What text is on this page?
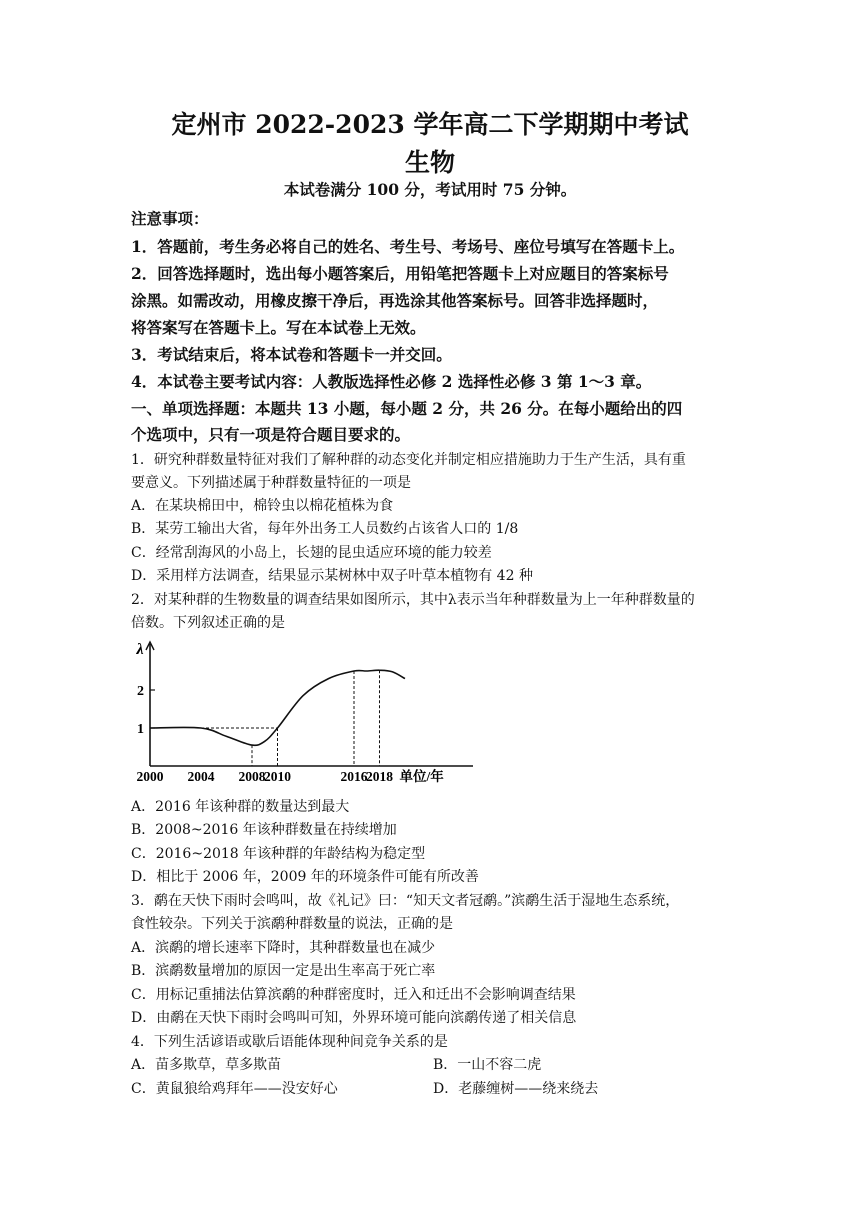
定州市 2022-2023 学年高二下学期期中考试
生物
本试卷满分 100 分，考试用时 75 分钟。
注意事项：
1．答题前，考生务必将自己的姓名、考生号、考场号、座位号填写在答题卡上。
2．回答选择题时，选出每小题答案后，用铅笔把答题卡上对应题目的答案标号
涂黑。如需改动，用橡皮擦干净后，再选涂其他答案标号。回答非选择题时，
将答案写在答题卡上。写在本试卷上无效。
3．考试结束后，将本试卷和答题卡一并交回。
4．本试卷主要考试内容：人教版选择性必修 2 选择性必修 3 第 1～3 章。
一、单项选择题：本题共 13 小题，每小题 2 分，共 26 分。在每小题给出的四
个选项中，只有一项是符合题目要求的。
1．研究种群数量特征对我们了解种群的动态变化并制定相应措施助力于生产生活，具有重
要意义。下列描述属于种群数量特征的一项是
A．在某块棉田中，棉铃虫以棉花植株为食
B．某劳工输出大省，每年外出务工人员数约占该省人口的 1/8
C．经常刮海风的小岛上，长翅的昆虫适应环境的能力较差
D．采用样方法调查，结果显示某树林中双子叶草本植物有 42 种
2．对某种群的生物数量的调查结果如图所示，其中λ表示当年种群数量为上一年种群数量的
倍数。下列叙述正确的是
λ
1
2
2000 2004 2008
2010	2016
2018 单位/年
A．2016 年该种群的数量达到最大
B．2008~2016 年该种群数量在持续增加
C．2016~2018 年该种群的年龄结构为稳定型
D．相比于 2006 年，2009 年的环境条件可能有所改善
3．鹬在天快下雨时会鸣叫，故《礼记》曰：“知天文者冠鹬。”滨鹬生活于湿地生态系统，
食性较杂。下列关于滨鹬种群数量的说法，正确的是
A．滨鹬的增长速率下降时，其种群数量也在减少
B．滨鹬数量增加的原因一定是出生率高于死亡率
C．用标记重捕法估算滨鹬的种群密度时，迁入和迁出不会影响调查结果
D．由鹬在天快下雨时会鸣叫可知，外界环境可能向滨鹬传递了相关信息
4．下列生活谚语或歇后语能体现种间竞争关系的是
A．苗多欺草，草多欺苗	B．一山不容二虎
C．黄鼠狼给鸡拜年——没安好心	D．老藤缠树——绕来绕去
